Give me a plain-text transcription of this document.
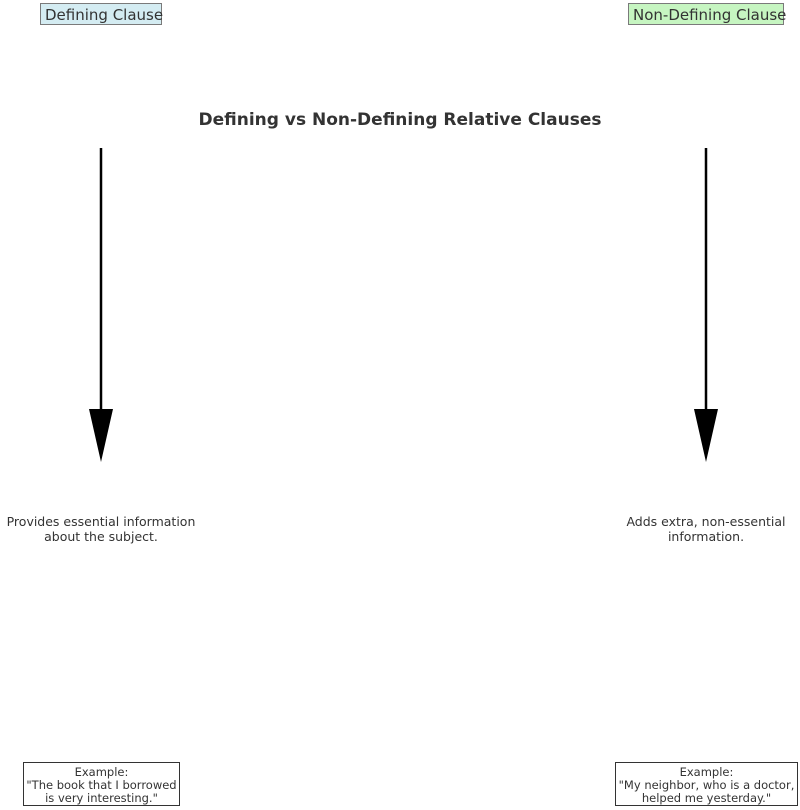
Defining Clause	Non-Defining Clause
Defining vs Non-Defining Relative Clauses
Provides essential information
about the subject.
Adds extra, non-essential
information.
Example:
"The book that I borrowed
is very interesting."
Example:
"My neighbor, who is a doctor,
helped me yesterday."
